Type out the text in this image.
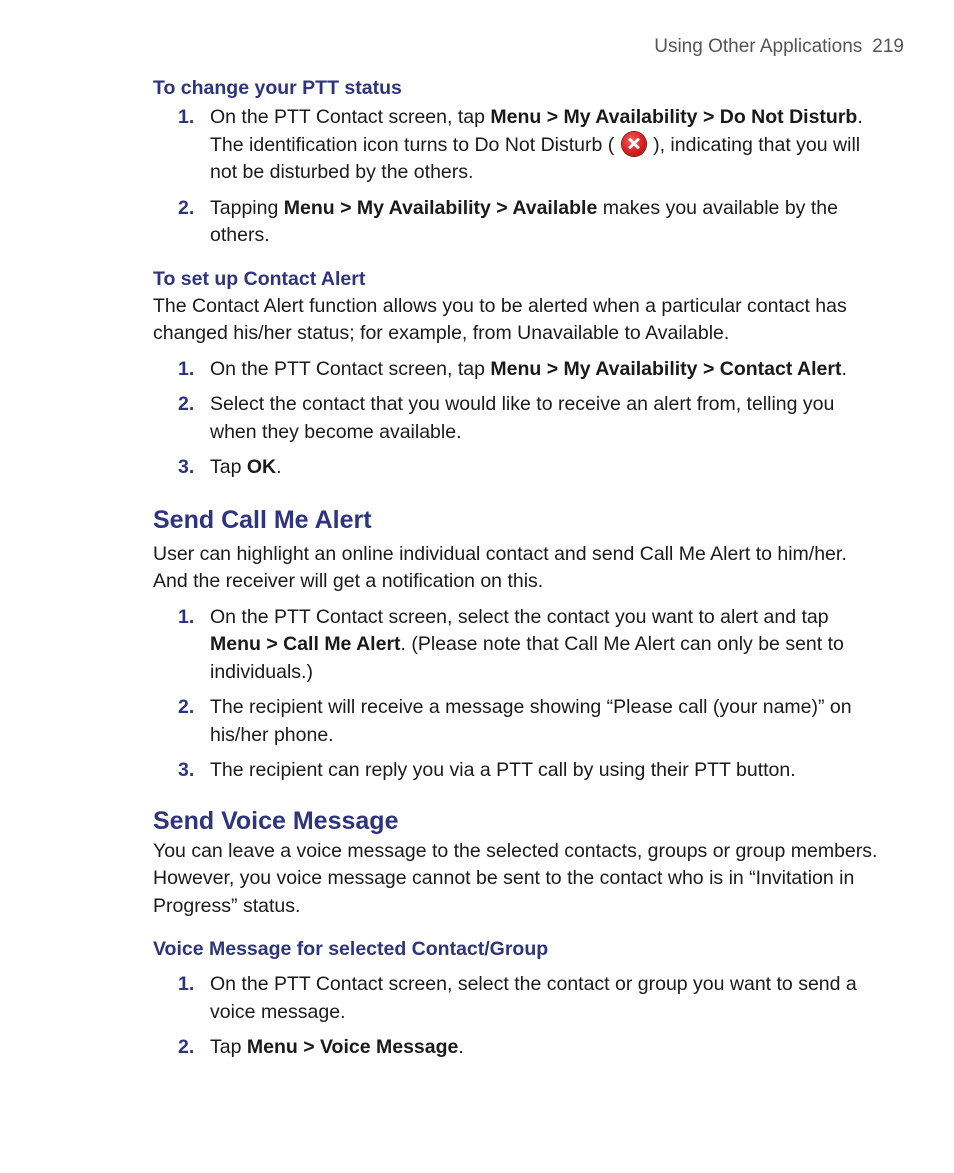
Using Other Applications 219
To change your PTT status
1. On the PTT Contact screen, tap Menu > My Availability > Do Not Disturb. The identification icon turns to Do Not Disturb (  ), indicating that you will not be disturbed by the others.
2. Tapping Menu > My Availability > Available makes you available by the others.
To set up Contact Alert
The Contact Alert function allows you to be alerted when a particular contact has changed his/her status; for example, from Unavailable to Available.
1. On the PTT Contact screen, tap Menu > My Availability > Contact Alert.
2. Select the contact that you would like to receive an alert from, telling you when they become available.
3. Tap OK.
Send Call Me Alert
User can highlight an online individual contact and send Call Me Alert to him/her. And the receiver will get a notification on this.
1. On the PTT Contact screen, select the contact you want to alert and tap Menu > Call Me Alert. (Please note that Call Me Alert can only be sent to individuals.)
2. The recipient will receive a message showing “Please call (your name)” on his/her phone.
3. The recipient can reply you via a PTT call by using their PTT button.
Send Voice Message
You can leave a voice message to the selected contacts, groups or group members. However, you voice message cannot be sent to the contact who is in “Invitation in Progress” status.
Voice Message for selected Contact/Group
1. On the PTT Contact screen, select the contact or group you want to send a voice message.
2. Tap Menu > Voice Message.
